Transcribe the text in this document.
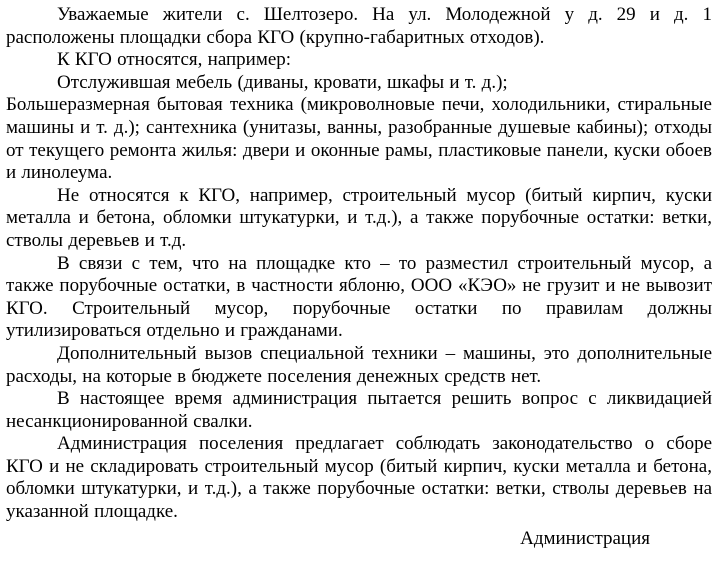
Уважаемые жители с. Шелтозеро. На ул. Молодежной у д. 29 и д. 1 расположены площадки сбора КГО (крупно-габаритных отходов).

К КГО относятся, например:

Отслужившая мебель (диваны, кровати, шкафы и т. д.);

Большеразмерная бытовая техника (микроволновые печи, холодильники, стиральные машины и т. д.); сантехника (унитазы, ванны, разобранные душевые кабины); отходы от текущего ремонта жилья: двери и оконные рамы, пластиковые панели, куски обоев и линолеума.

Не относятся к КГО, например, строительный мусор (битый кирпич, куски металла и бетона, обломки штукатурки, и т.д.), а также порубочные остатки: ветки, стволы деревьев и т.д.

В связи с тем, что на площадке кто – то разместил строительный мусор, а также порубочные остатки, в частности яблоню, ООО «КЭО» не грузит и не вывозит КГО. Строительный мусор, порубочные остатки по правилам должны утилизироваться отдельно и гражданами.

Дополнительный вызов специальной техники – машины, это дополнительные расходы, на которые в бюджете поселения денежных средств нет.

В настоящее время администрация пытается решить вопрос с ликвидацией несанкционированной свалки.

Администрация поселения предлагает соблюдать законодательство о сборе КГО и не складировать строительный мусор (битый кирпич, куски металла и бетона, обломки штукатурки, и т.д.), а также порубочные остатки: ветки, стволы деревьев на указанной площадке.

Администрация
